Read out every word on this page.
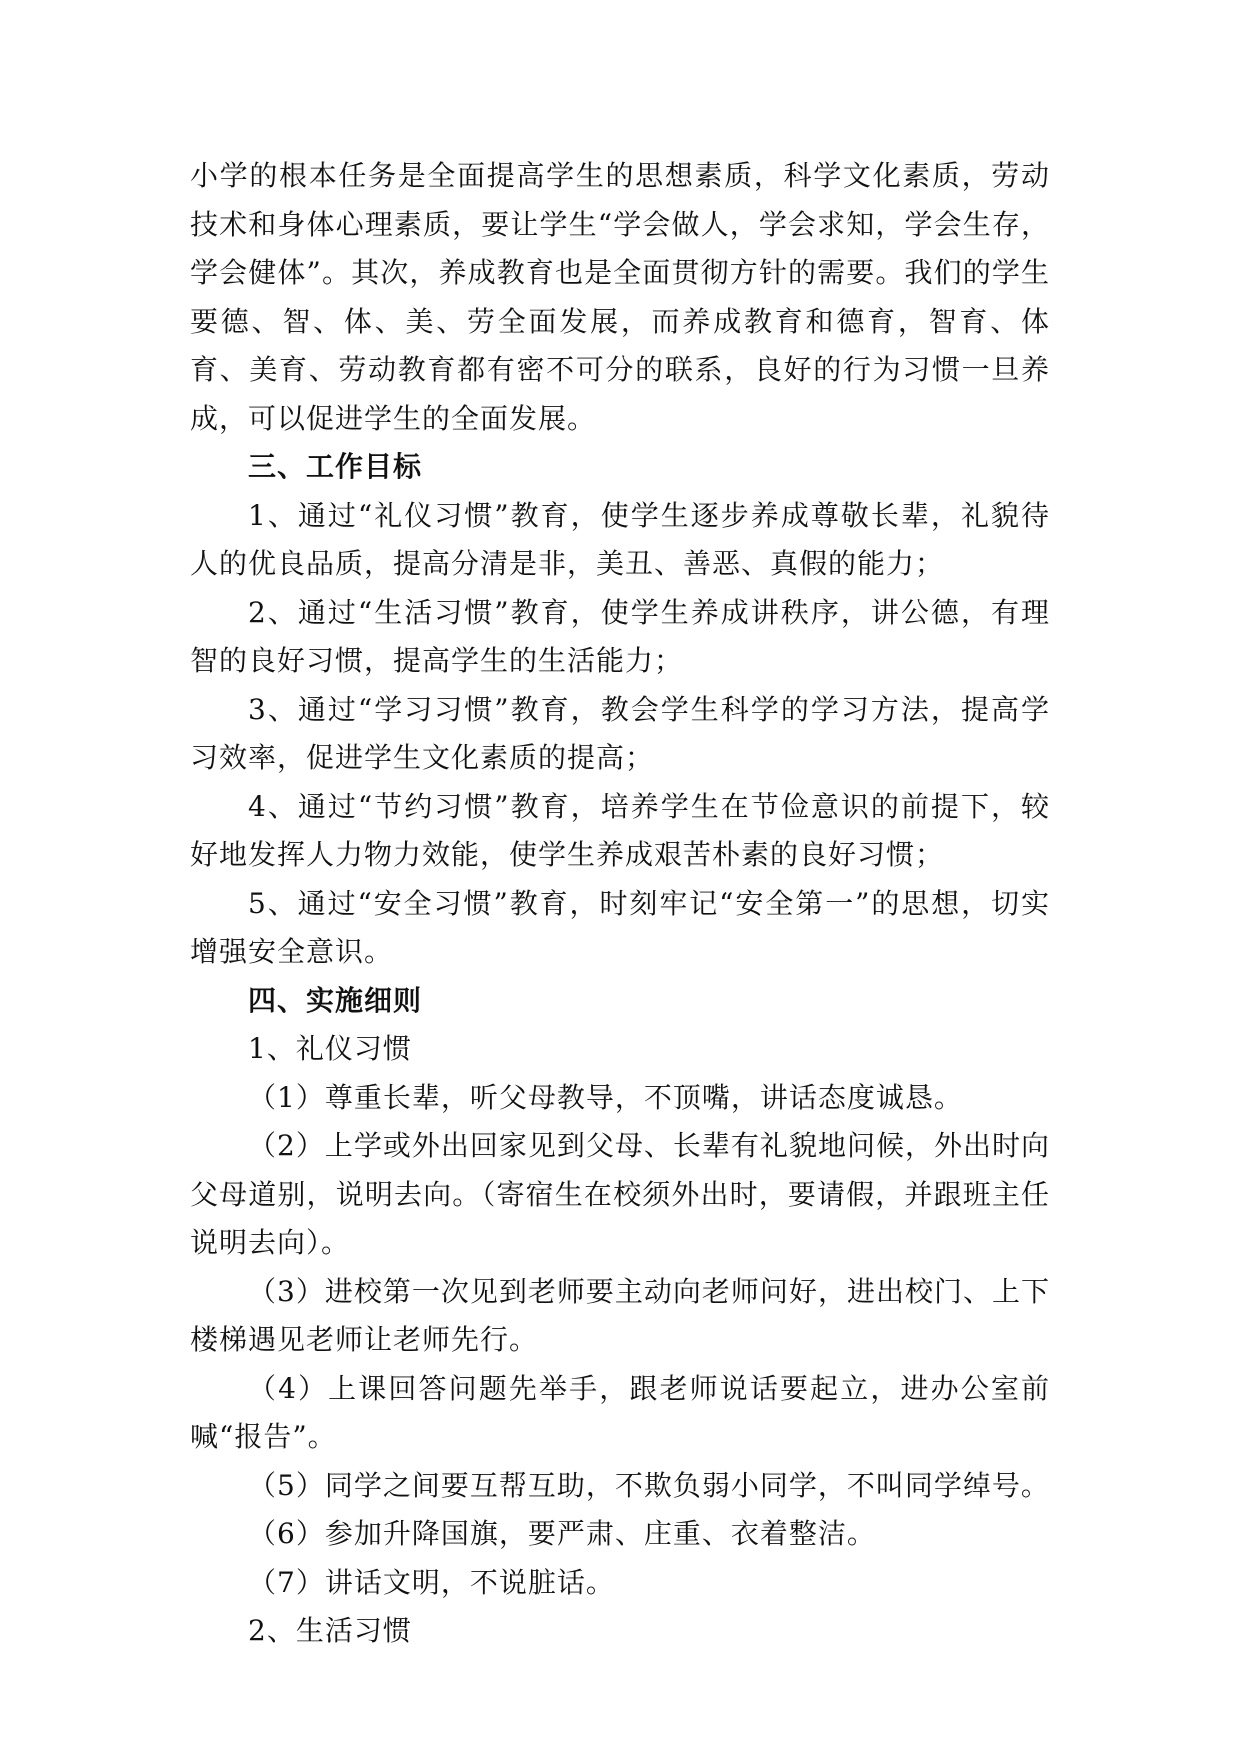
小学的根本任务是全面提高学生的思想素质，科学文化素质，劳动技术和身体心理素质，要让学生“学会做人，学会求知，学会生存，学会健体”。其次，养成教育也是全面贯彻方针的需要。我们的学生要德、智、体、美、劳全面发展，而养成教育和德育，智育、体育、美育、劳动教育都有密不可分的联系，良好的行为习惯一旦养成，可以促进学生的全面发展。

三、工作目标

1、通过“礼仪习惯”教育，使学生逐步养成尊敬长辈，礼貌待人的优良品质，提高分清是非，美丑、善恶、真假的能力；

2、通过“生活习惯”教育，使学生养成讲秩序，讲公德，有理智的良好习惯，提高学生的生活能力；

3、通过“学习习惯”教育，教会学生科学的学习方法，提高学习效率，促进学生文化素质的提高；

4、通过“节约习惯”教育，培养学生在节俭意识的前提下，较好地发挥人力物力效能，使学生养成艰苦朴素的良好习惯；

5、通过“安全习惯”教育，时刻牢记“安全第一”的思想，切实增强安全意识。

四、实施细则

1、礼仪习惯

（1）尊重长辈，听父母教导，不顶嘴，讲话态度诚恳。

（2）上学或外出回家见到父母、长辈有礼貌地问候，外出时向父母道别，说明去向。（寄宿生在校须外出时，要请假，并跟班主任说明去向）。

（3）进校第一次见到老师要主动向老师问好，进出校门、上下楼梯遇见老师让老师先行。

（4）上课回答问题先举手，跟老师说话要起立，进办公室前喊“报告”。

（5）同学之间要互帮互助，不欺负弱小同学，不叫同学绰号。

（6）参加升降国旗，要严肃、庄重、衣着整洁。

（7）讲话文明，不说脏话。

2、生活习惯
